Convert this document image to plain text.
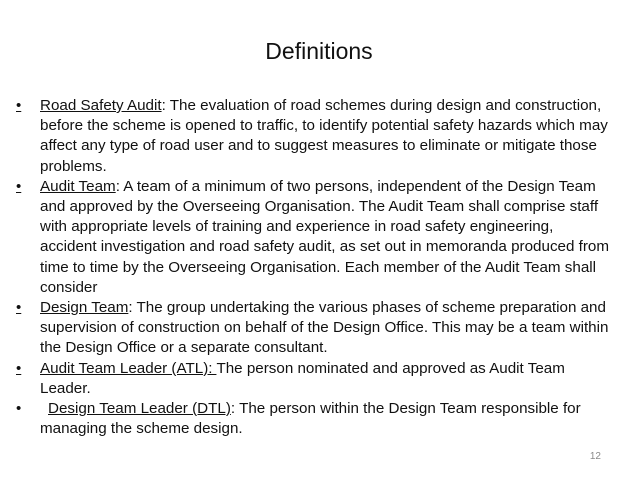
Definitions
• Road Safety Audit: The evaluation of road schemes during design and construction, before the scheme is opened to traffic, to identify potential safety hazards which may affect any type of road user and to suggest measures to eliminate or mitigate those problems.
• Audit Team: A team of a minimum of two persons, independent of the Design Team and approved by the Overseeing Organisation. The Audit Team shall comprise staff with appropriate levels of training and experience in road safety engineering, accident investigation and road safety audit, as set out in memoranda produced from time to time by the Overseeing Organisation. Each member of the Audit Team shall consider
• Design Team: The group undertaking the various phases of scheme preparation and supervision of construction on behalf of the Design Office. This may be a team within the Design Office or a separate consultant.
• Audit Team Leader (ATL): The person nominated and approved as Audit Team Leader.
• Design Team Leader (DTL): The person within the Design Team responsible for managing the scheme design.
12
